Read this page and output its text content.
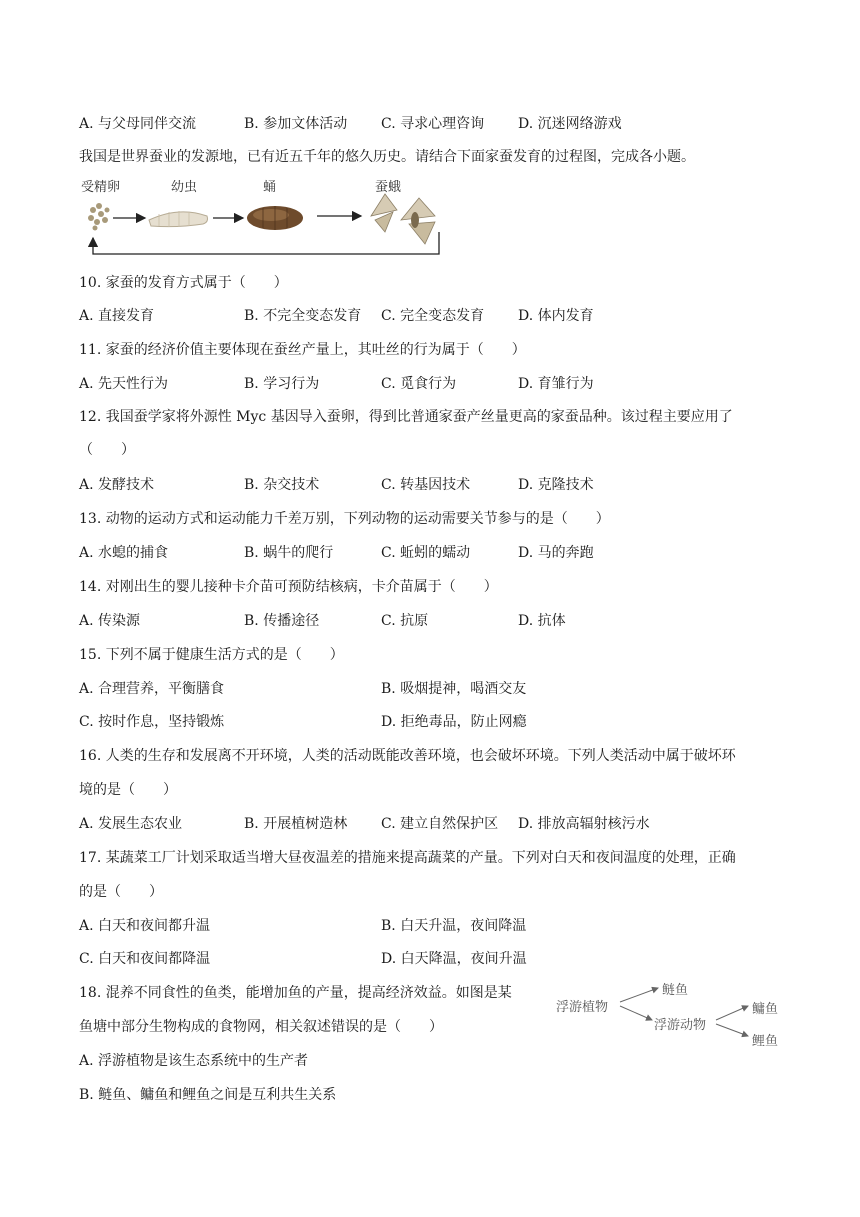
A. 与父母同伴交流	B. 参加文体活动 C. 寻求心理咨询 D. 沉迷网络游戏
我国是世界蚕业的发源地，已有近五千年的悠久历史。请结合下面家蚕发育的过程图，完成各小题。
受精卵	幼虫	蛹	蚕蛾
10. 家蚕的发育方式属于（　　）
A. 直接发育	B. 不完全变态发育 C. 完全变态发育 D. 体内发育
11. 家蚕的经济价值主要体现在蚕丝产量上，其吐丝的行为属于（　　）
A. 先天性行为	B. 学习行为	C. 觅食行为	D. 育雏行为
12. 我国蚕学家将外源性 Myc 基因导入蚕卵，得到比普通家蚕产丝量更高的家蚕品种。该过程主要应用了
（　　）
A. 发酵技术	B. 杂交技术	C. 转基因技术	D. 克隆技术
13. 动物的运动方式和运动能力千差万别，下列动物的运动需要关节参与的是（　　）
A. 水螅的捕食	B. 蜗牛的爬行	C. 蚯蚓的蠕动	D. 马的奔跑
14. 对刚出生的婴儿接种卡介苗可预防结核病，卡介苗属于（　　）
A. 传染源	B. 传播途径	C. 抗原	D. 抗体
15. 下列不属于健康生活方式的是（　　）
A. 合理营养，平衡膳食	B. 吸烟提神，喝酒交友
C. 按时作息，坚持锻炼	D. 拒绝毒品，防止网瘾
16. 人类的生存和发展离不开环境，人类的活动既能改善环境，也会破坏环境。下列人类活动中属于破坏环
境的是（　　）
A. 发展生态农业	B. 开展植树造林 C. 建立自然保护区 D. 排放高辐射核污水
17. 某蔬菜工厂计划采取适当增大昼夜温差的措施来提高蔬菜的产量。下列对白天和夜间温度的处理，正确
的是（　　）
A. 白天和夜间都升温	B. 白天升温，夜间降温
C. 白天和夜间都降温	D. 白天降温，夜间升温
18. 混养不同食性的鱼类，能增加鱼的产量，提高经济效益。如图是某
鱼塘中部分生物构成的食物网，相关叙述错误的是（　　）
A. 浮游植物是该生态系统中的生产者
B. 鲢鱼、鳙鱼和鲤鱼之间是互利共生关系
浮游植物
鲢鱼
浮游动物
鳙鱼
鲤鱼
